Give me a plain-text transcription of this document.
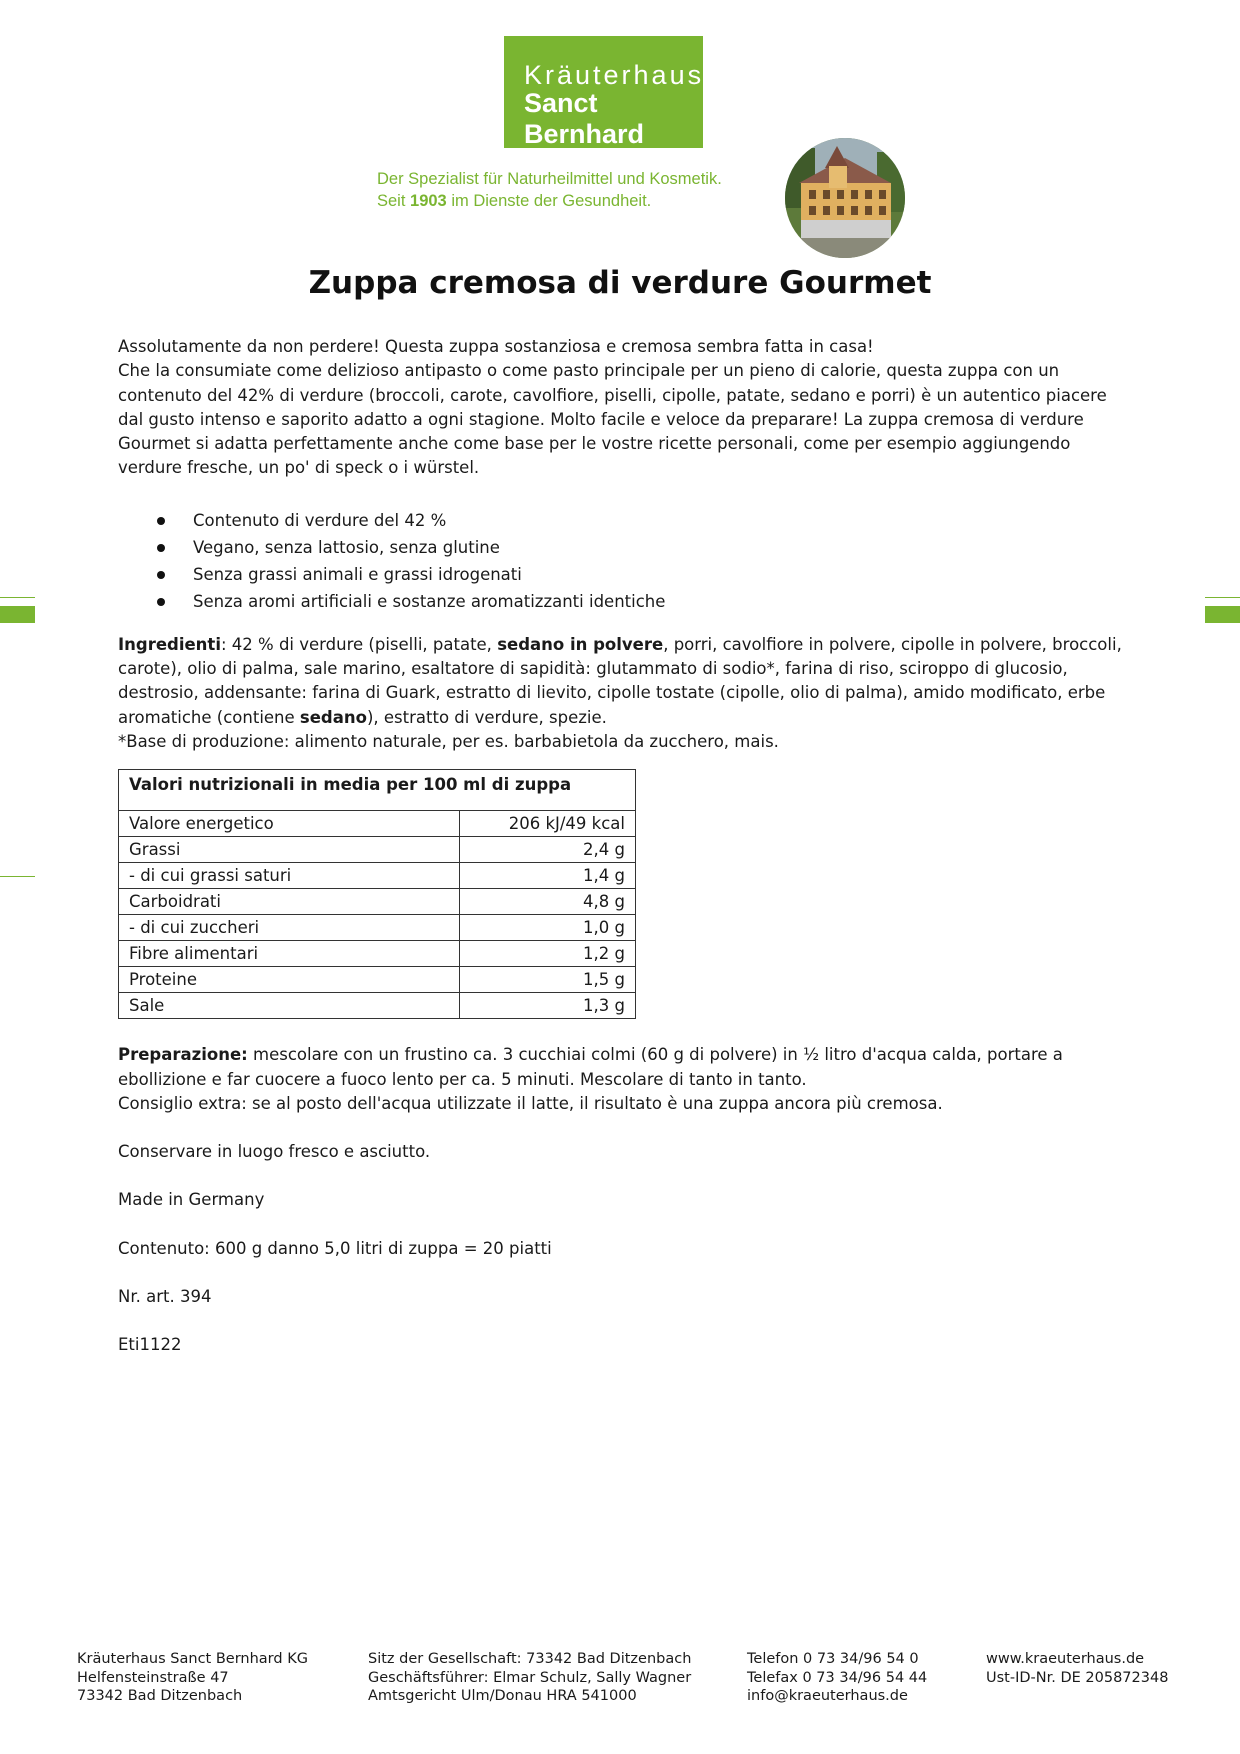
Kräuterhaus
Sanct Bernhard
Der Spezialist für Naturheilmittel und Kosmetik.
Seit 1903 im Dienste der Gesundheit.
Zuppa cremosa di verdure Gourmet

Assolutamente da non perdere! Questa zuppa sostanziosa e cremosa sembra fatta in casa!

Che la consumiate come delizioso antipasto o come pasto principale per un pieno di calorie, questa zuppa con un contenuto del 42% di verdure (broccoli, carote, cavolfiore, piselli, cipolle, patate, sedano e porri) è un autentico piacere dal gusto intenso e saporito adatto a ogni stagione. Molto facile e veloce da preparare! La zuppa cremosa di verdure Gourmet si adatta perfettamente anche come base per le vostre ricette personali, come per esempio aggiungendo verdure fresche, un po' di speck o i würstel.

Contenuto di verdure del 42 %
Vegano, senza lattosio, senza glutine
Senza grassi animali e grassi idrogenati
Senza aromi artificiali e sostanze aromatizzanti identiche

Ingredienti: 42 % di verdure (piselli, patate, sedano in polvere, porri, cavolfiore in polvere, cipolle in polvere, broccoli, carote), olio di palma, sale marino, esaltatore di sapidità: glutammato di sodio*, farina di riso, sciroppo di glucosio, destrosio, addensante: farina di Guark, estratto di lievito, cipolle tostate (cipolle, olio di palma), amido modificato, erbe aromatiche (contiene sedano), estratto di verdure, spezie.

*Base di produzione: alimento naturale, per es. barbabietola da zucchero, mais.

Valori nutrizionali in media per 100 ml di zuppa	
Valore energetico	206 kJ/49 kcal
Grassi	2,4 g
- di cui grassi saturi	1,4 g
Carboidrati	4,8 g
- di cui zuccheri	1,0 g
Fibre alimentari	1,2 g
Proteine	1,5 g
Sale	1,3 g

Preparazione: mescolare con un frustino ca. 3 cucchiai colmi (60 g di polvere) in ½ litro d'acqua calda, portare a ebollizione e far cuocere a fuoco lento per ca. 5 minuti. Mescolare di tanto in tanto.

Consiglio extra: se al posto dell'acqua utilizzate il latte, il risultato è una zuppa ancora più cremosa.

Conservare in luogo fresco e asciutto.

Made in Germany

Contenuto: 600 g danno 5,0 litri di zuppa = 20 piatti

Nr. art. 394

Eti1122

Kräuterhaus Sanct Bernhard KG
Helfensteinstraße 47
73342 Bad Ditzenbach
Sitz der Gesellschaft: 73342 Bad Ditzenbach
Geschäftsführer: Elmar Schulz, Sally Wagner
Amtsgericht Ulm/Donau HRA 541000
Telefon 0 73 34/96 54 0
Telefax 0 73 34/96 54 44
info@kraeuterhaus.de
www.kraeuterhaus.de
Ust-ID-Nr. DE 205872348
